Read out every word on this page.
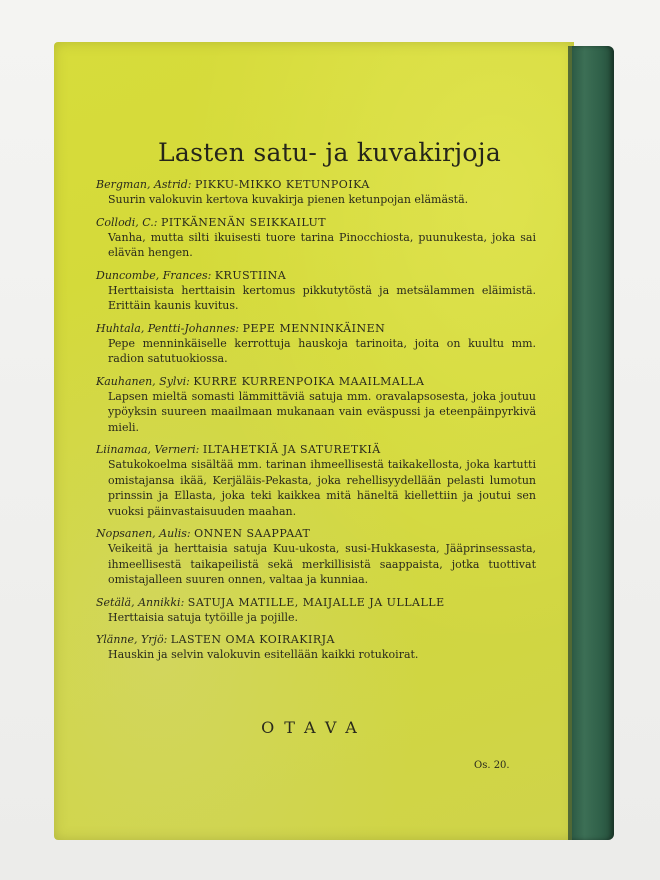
Lasten satu- ja kuvakirjoja
Bergman, Astrid: PIKKU-MIKKO KETUNPOIKA
Suurin valokuvin kertova kuvakirja pienen ketunpojan elämästä.
Collodi, C.: PITKÄNENÄN SEIKKAILUT
Vanha, mutta silti ikuisesti tuore tarina Pinocchiosta, puunukesta, joka sai elävän hengen.
Duncombe, Frances: KRUSTIINA
Herttaisista herttaisin kertomus pikkutytöstä ja metsälammen eläimistä. Erittäin kaunis kuvitus.
Huhtala, Pentti-Johannes: PEPE MENNINKÄINEN
Pepe menninkäiselle kerrottuja hauskoja tarinoita, joita on kuultu mm. radion satutuokiossa.
Kauhanen, Sylvi: KURRE KURRENPOIKA MAAILMALLA
Lapsen mieltä somasti lämmittäviä satuja mm. oravalapsosesta, joka joutuu ypöyksin suureen maailmaan mukanaan vain eväspussi ja eteenpäinpyrkivä mieli.
Liinamaa, Verneri: ILTAHETKIÄ JA SATURETKIÄ
Satukokoelma sisältää mm. tarinan ihmeellisestä taikakellosta, joka kartutti omistajansa ikää, Kerjäläis-Pekasta, joka rehellisyydellään pelasti lumotun prinssin ja Ellasta, joka teki kaikkea mitä häneltä kiellettiin ja joutui sen vuoksi päinvastaisuuden maahan.
Nopsanen, Aulis: ONNEN SAAPPAAT
Veikeitä ja herttaisia satuja Kuu-ukosta, susi-Hukkasesta, Jääprinsessasta, ihmeellisestä taikapeilistä sekä merkillisistä saappaista, jotka tuottivat omistajalleen suuren onnen, valtaa ja kunniaa.
Setälä, Annikki: SATUJA MATILLE, MAIJALLE JA ULLALLE
Herttaisia satuja tytöille ja pojille.
Ylänne, Yrjö: LASTEN OMA KOIRAKIRJA
Hauskin ja selvin valokuvin esitellään kaikki rotukoirat.
OTAVA
Os. 20.
